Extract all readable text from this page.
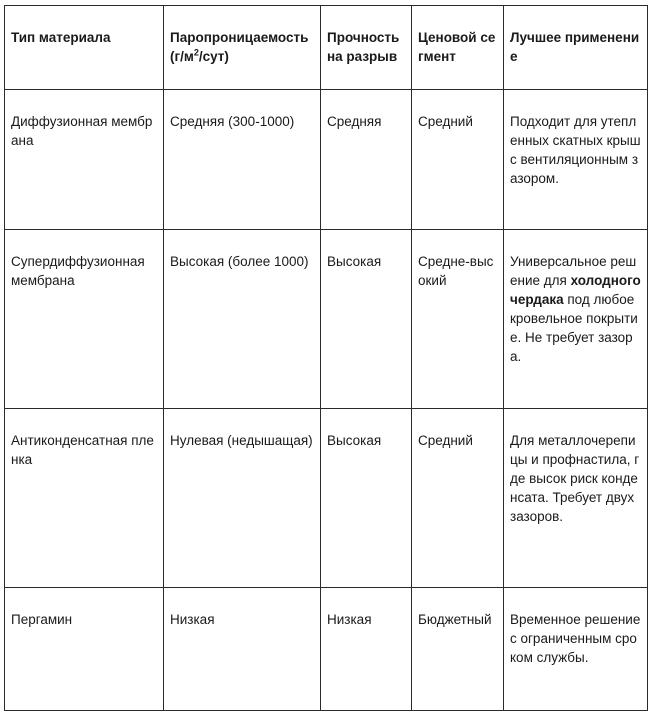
Тип материала	Паропроницаемость $(г/м^2/сут)$	Прочность на разрыв	Ценовой сегмент	Лучшее применение
Диффузионная мембрана	Средняя (300-1000)	Средняя	Средний	Подходит для утепленных скатных крыш с вентиляционным зазором.
Супердиффузионная мембрана	Высокая (более 1000)	Высокая	Средне-высокий	Универсальное решение для холодного чердака под любое кровельное покрытие. Не требует зазора.
Антиконденсатная пленка	Нулевая (недышащая)	Высокая	Средний	Для металлочерепицы и профнастила, где высок риск конденсата. Требует двух зазоров.
Пергамин	Низкая	Низкая	Бюджетный	Временное решение с ограниченным сроком службы.
